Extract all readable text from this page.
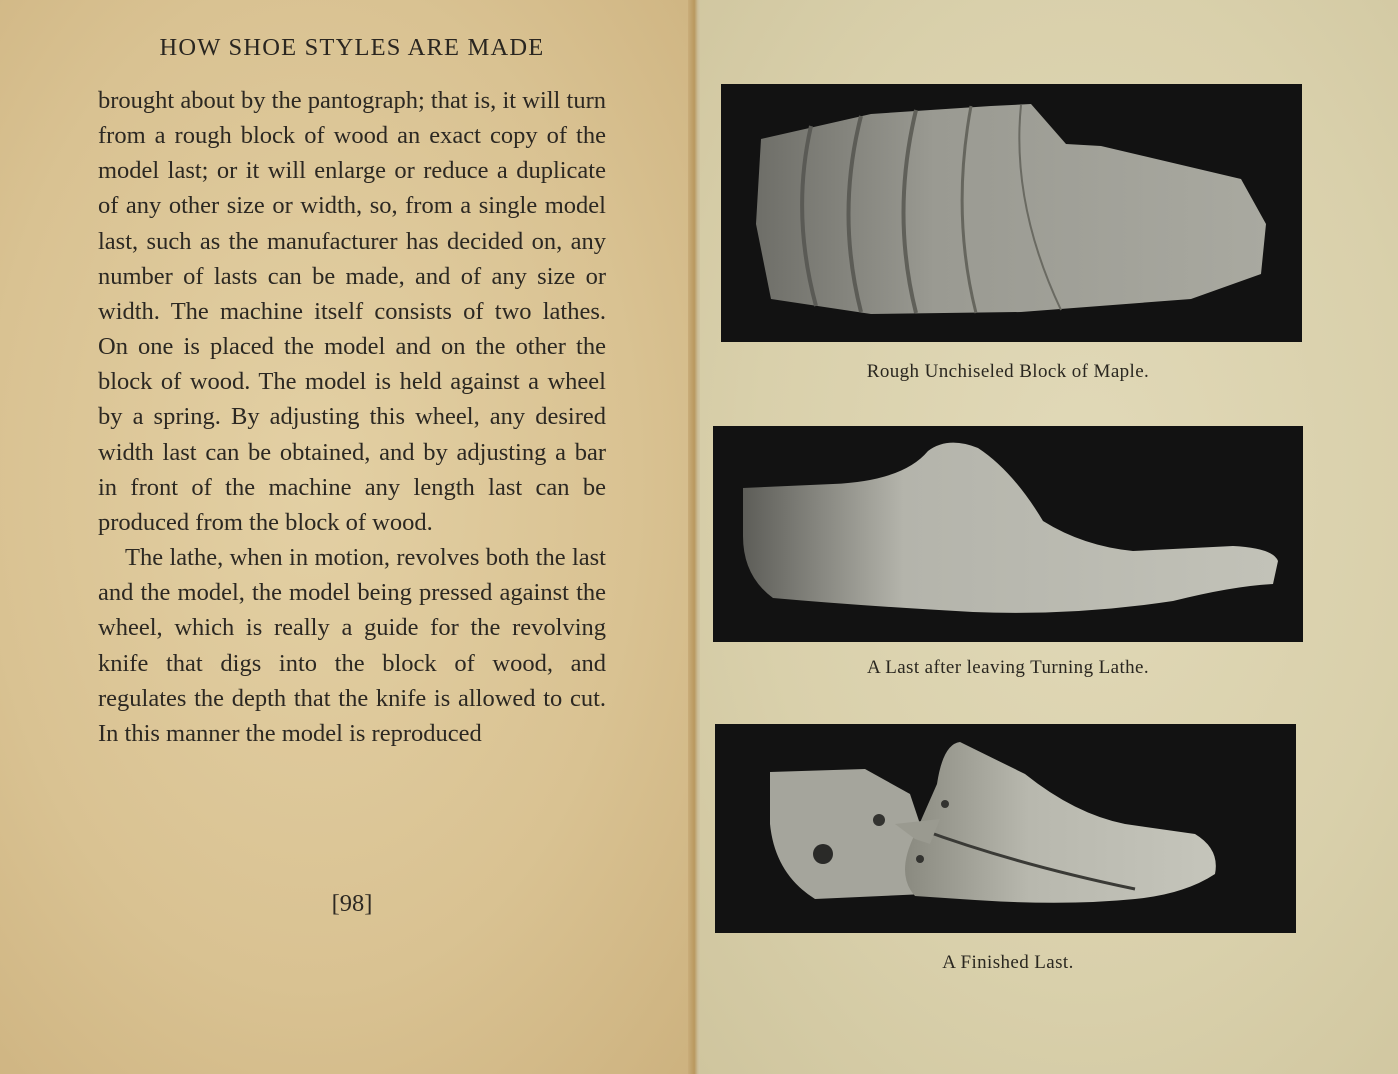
HOW SHOE STYLES ARE MADE

brought about by the pantograph; that is, it will turn from a rough block of wood an exact copy of the model last; or it will enlarge or reduce a duplicate of any other size or width, so, from a single model last, such as the manufacturer has decided on, any number of lasts can be made, and of any size or width. The machine itself consists of two lathes. On one is placed the model and on the other the block of wood. The model is held against a wheel by a spring. By adjusting this wheel, any desired width last can be obtained, and by adjusting a bar in front of the machine any length last can be produced from the block of wood.

The lathe, when in motion, revolves both the last and the model, the model being pressed against the wheel, which is really a guide for the revolving knife that digs into the block of wood, and regulates the depth that the knife is allowed to cut. In this manner the model is reproduced

[98]

Rough Unchiseled Block of Maple.

A Last after leaving Turning Lathe.

A Finished Last.
